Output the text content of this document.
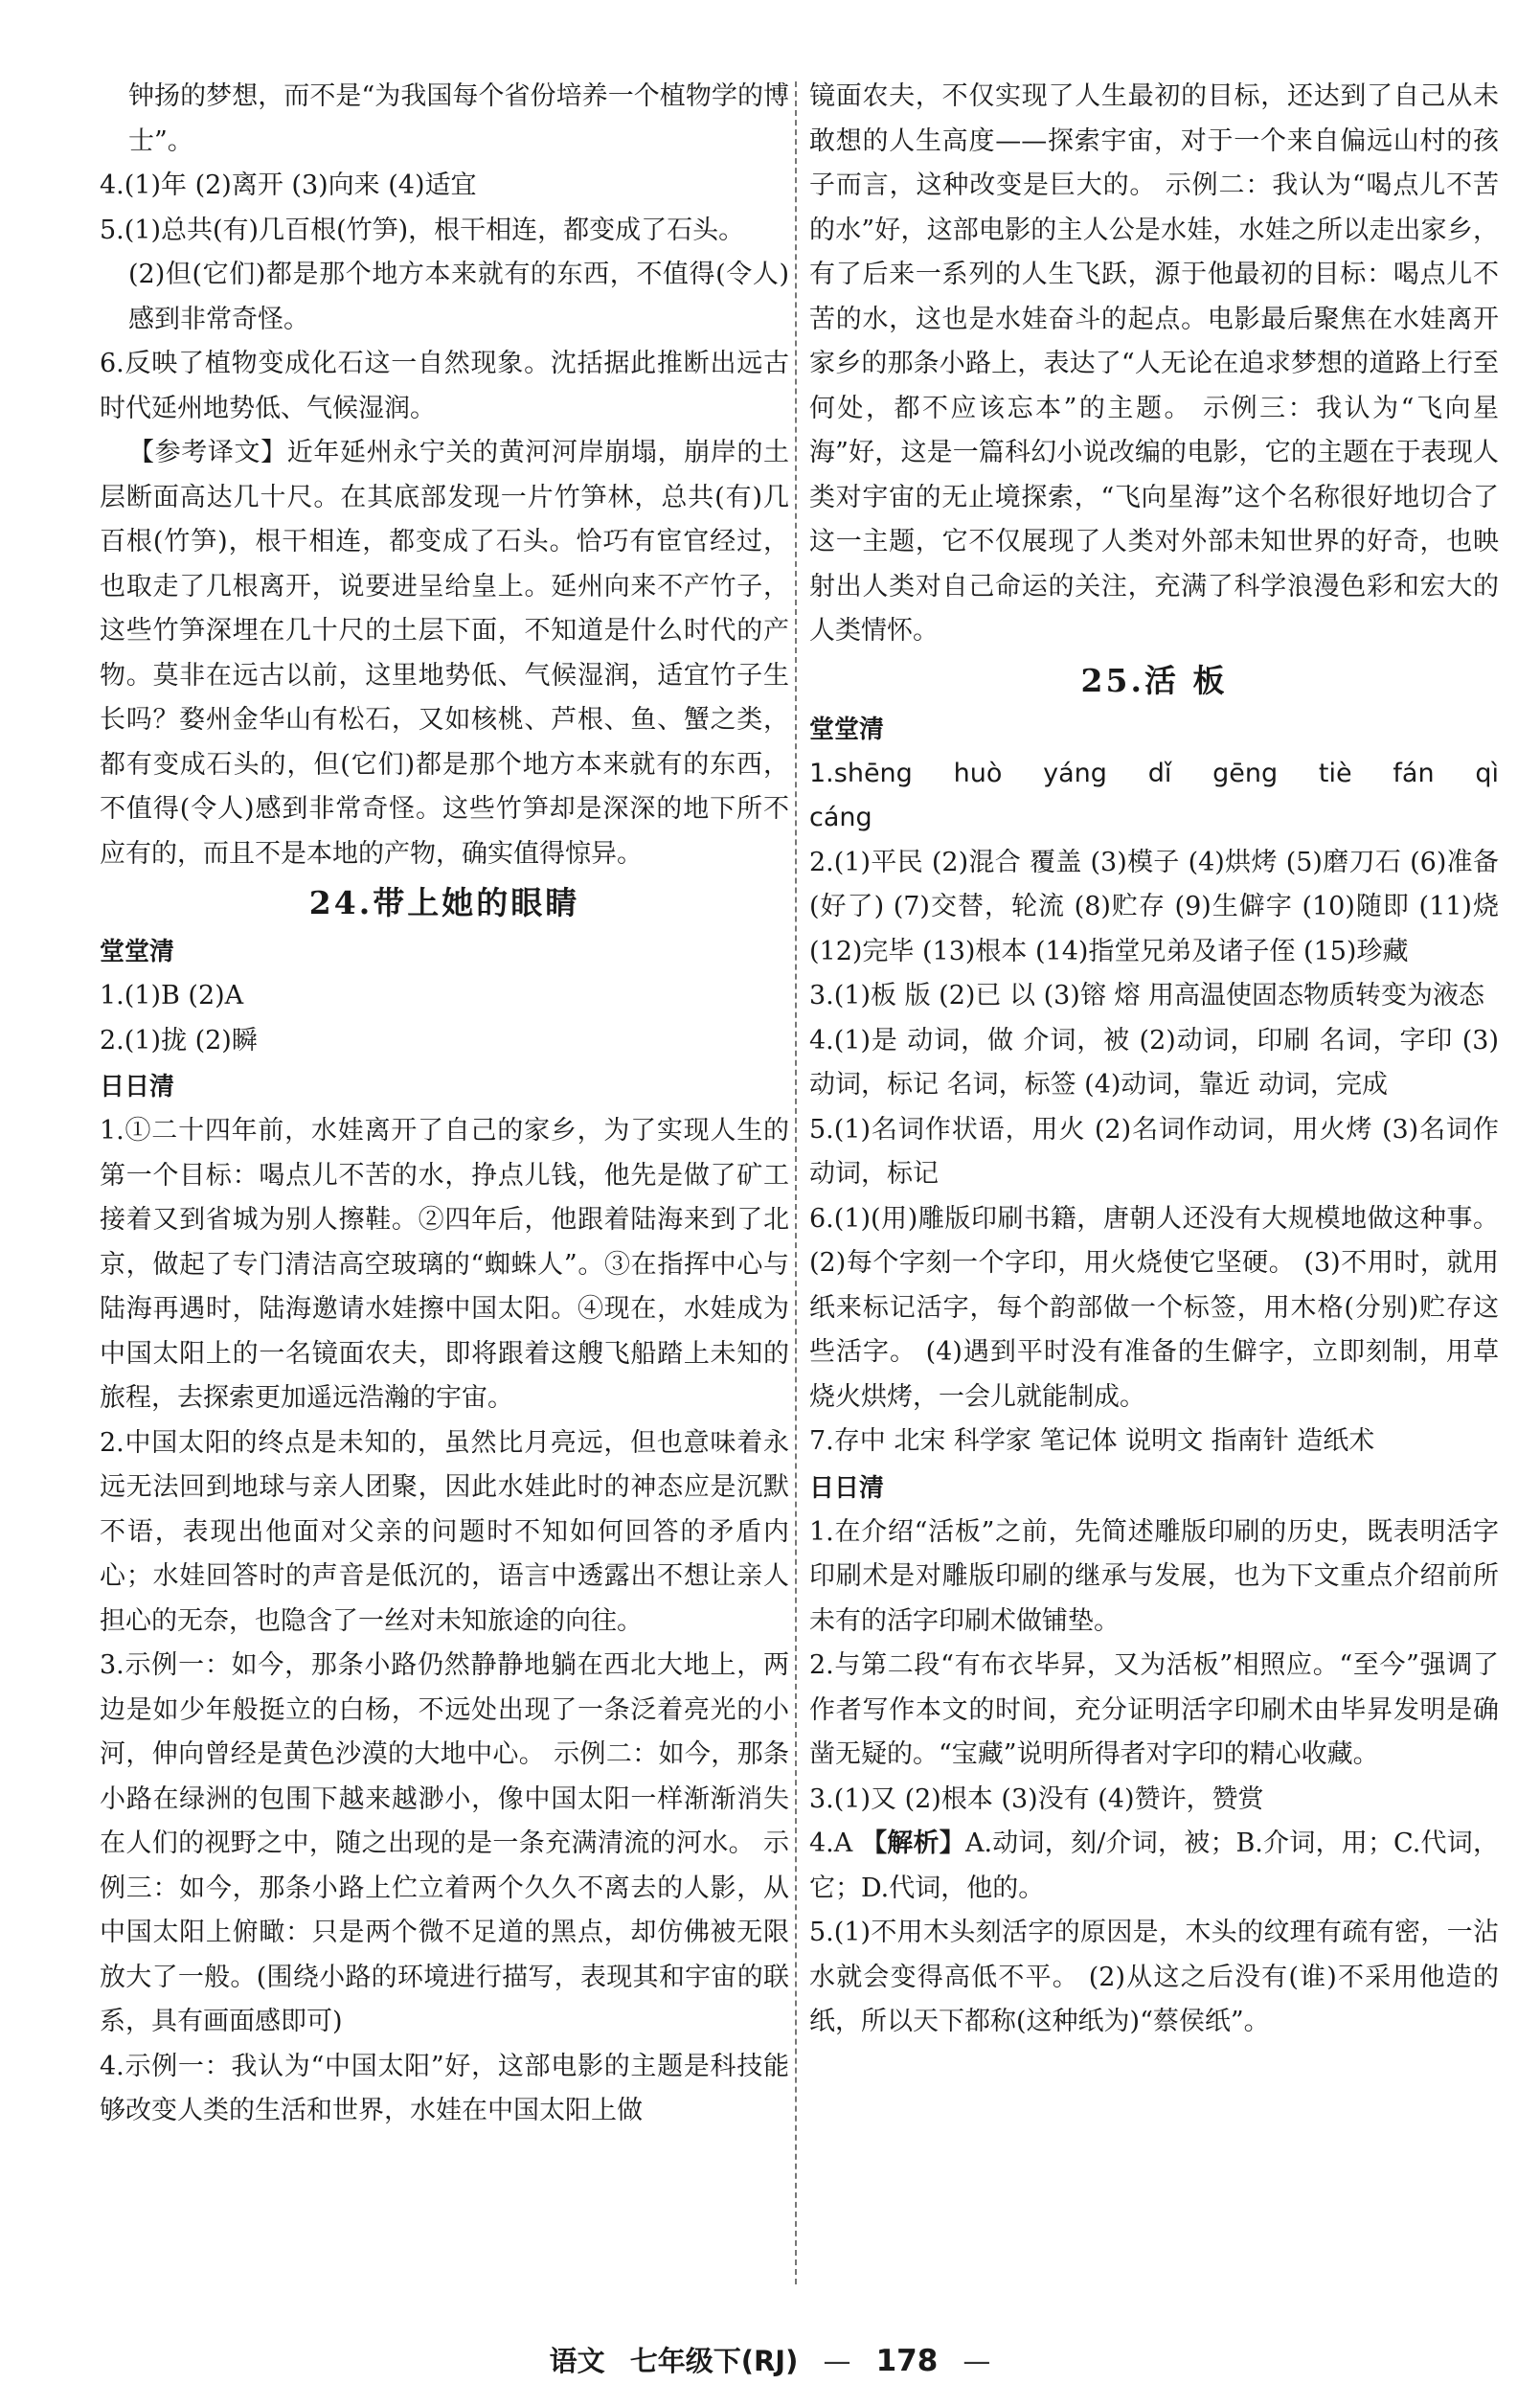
钟扬的梦想，而不是“为我国每个省份培养一个植物学的博士”。

4.(1)年 (2)离开 (3)向来 (4)适宜

5.(1)总共(有)几百根(竹笋)，根干相连，都变成了石头。

(2)但(它们)都是那个地方本来就有的东西，不值得(令人)感到非常奇怪。

6.反映了植物变成化石这一自然现象。沈括据此推断出远古时代延州地势低、气候湿润。

【参考译文】近年延州永宁关的黄河河岸崩塌，崩岸的土层断面高达几十尺。在其底部发现一片竹笋林，总共(有)几百根(竹笋)，根干相连，都变成了石头。恰巧有宦官经过，也取走了几根离开，说要进呈给皇上。延州向来不产竹子，这些竹笋深埋在几十尺的土层下面，不知道是什么时代的产物。莫非在远古以前，这里地势低、气候湿润，适宜竹子生长吗？婺州金华山有松石，又如核桃、芦根、鱼、蟹之类，都有变成石头的，但(它们)都是那个地方本来就有的东西，不值得(令人)感到非常奇怪。这些竹笋却是深深的地下所不应有的，而且不是本地的产物，确实值得惊异。

24.带上她的眼睛
堂堂清

1.(1)B (2)A

2.(1)拢 (2)瞬

日日清

1.①二十四年前，水娃离开了自己的家乡，为了实现人生的第一个目标：喝点儿不苦的水，挣点儿钱，他先是做了矿工接着又到省城为别人擦鞋。②四年后，他跟着陆海来到了北京，做起了专门清洁高空玻璃的“蜘蛛人”。③在指挥中心与陆海再遇时，陆海邀请水娃擦中国太阳。④现在，水娃成为中国太阳上的一名镜面农夫，即将跟着这艘飞船踏上未知的旅程，去探索更加遥远浩瀚的宇宙。

2.中国太阳的终点是未知的，虽然比月亮远，但也意味着永远无法回到地球与亲人团聚，因此水娃此时的神态应是沉默不语，表现出他面对父亲的问题时不知如何回答的矛盾内心；水娃回答时的声音是低沉的，语言中透露出不想让亲人担心的无奈，也隐含了一丝对未知旅途的向往。

3.示例一：如今，那条小路仍然静静地躺在西北大地上，两边是如少年般挺立的白杨，不远处出现了一条泛着亮光的小河，伸向曾经是黄色沙漠的大地中心。 示例二：如今，那条小路在绿洲的包围下越来越渺小，像中国太阳一样渐渐消失在人们的视野之中，随之出现的是一条充满清流的河水。 示例三：如今，那条小路上伫立着两个久久不离去的人影，从中国太阳上俯瞰：只是两个微不足道的黑点，却仿佛被无限放大了一般。(围绕小路的环境进行描写，表现其和宇宙的联系，具有画面感即可)

4.示例一：我认为“中国太阳”好，这部电影的主题是科技能够改变人类的生活和世界，水娃在中国太阳上做

镜面农夫，不仅实现了人生最初的目标，还达到了自己从未敢想的人生高度——探索宇宙，对于一个来自偏远山村的孩子而言，这种改变是巨大的。 示例二：我认为“喝点儿不苦的水”好，这部电影的主人公是水娃，水娃之所以走出家乡，有了后来一系列的人生飞跃，源于他最初的目标：喝点儿不苦的水，这也是水娃奋斗的起点。电影最后聚焦在水娃离开家乡的那条小路上，表达了“人无论在追求梦想的道路上行至何处，都不应该忘本”的主题。 示例三：我认为“飞向星海”好，这是一篇科幻小说改编的电影，它的主题在于表现人类对宇宙的无止境探索，“飞向星海”这个名称很好地切合了这一主题，它不仅展现了人类对外部未知世界的好奇，也映射出人类对自己命运的关注，充满了科学浪漫色彩和宏大的人类情怀。

25.活 板
堂堂清

1.shēng huò yáng dǐ gēng tiè fán qì cáng

2.(1)平民 (2)混合 覆盖 (3)模子 (4)烘烤 (5)磨刀石 (6)准备(好了) (7)交替，轮流 (8)贮存 (9)生僻字 (10)随即 (11)烧 (12)完毕 (13)根本 (14)指堂兄弟及诸子侄 (15)珍藏

3.(1)板 版 (2)已 以 (3)镕 熔 用高温使固态物质转变为液态

4.(1)是 动词，做 介词，被 (2)动词，印刷 名词，字印 (3)动词，标记 名词，标签 (4)动词，靠近 动词，完成

5.(1)名词作状语，用火 (2)名词作动词，用火烤 (3)名词作动词，标记

6.(1)(用)雕版印刷书籍，唐朝人还没有大规模地做这种事。 (2)每个字刻一个字印，用火烧使它坚硬。 (3)不用时，就用纸来标记活字，每个韵部做一个标签，用木格(分别)贮存这些活字。 (4)遇到平时没有准备的生僻字，立即刻制，用草烧火烘烤，一会儿就能制成。

7.存中 北宋 科学家 笔记体 说明文 指南针 造纸术

日日清

1.在介绍“活板”之前，先简述雕版印刷的历史，既表明活字印刷术是对雕版印刷的继承与发展，也为下文重点介绍前所未有的活字印刷术做铺垫。

2.与第二段“有布衣毕昇，又为活板”相照应。“至今”强调了作者写作本文的时间，充分证明活字印刷术由毕昇发明是确凿无疑的。“宝藏”说明所得者对字印的精心收藏。

3.(1)又 (2)根本 (3)没有 (4)赞许，赞赏

4.A 【解析】A.动词，刻/介词，被；B.介词，用；C.代词，它；D.代词，他的。

5.(1)不用木头刻活字的原因是，木头的纹理有疏有密，一沾水就会变得高低不平。 (2)从这之后没有(谁)不采用他造的纸，所以天下都称(这种纸为)“蔡侯纸”。

语文 七年级下(RJ) — 178 —
